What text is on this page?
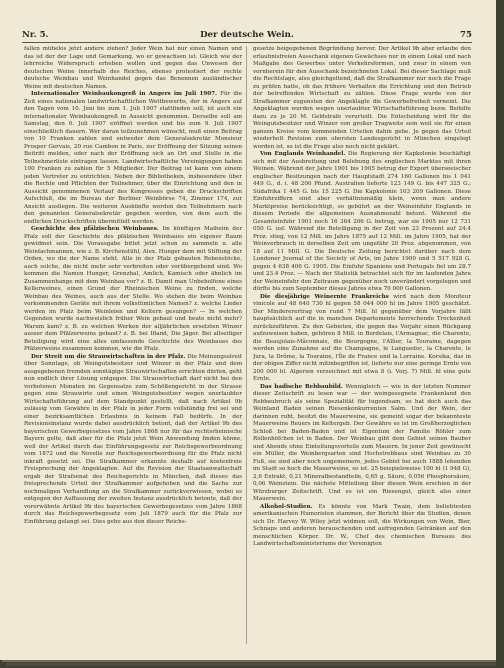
Nr. 5.	Der deutsche Wein.	75

fallen mühelos jetzt andere ziehen? Jeder Wein hat nur einen Namen und das ist der der Lage und Gemarkung, wo er gewachsen ist. Gleich wie der lehrreiche Widerspruch erheben wollen und gegen das Unwesen der deutschen Weine innerhalb des Reiches, ebenso protestiert der rechte deutsche Weinbau und Weinhandel gegen das Benennen ausländischer Weine mit deutschen Namen.

Internationaler Weinbaukongreß in Angers im Juli 1907. Für die Zeit eines nationalen landwirtschaftlichen Wettbewerbs, der in Angers auf den Tagen vom 10. Juni bis zum 1. Juli 1907 stattfinden soll, ist auch ein internationaler Weinbaukongreß in Aussicht genommen. Derselbe soll am Samstag, den 6. Juli 1907 eröffnet werden und bis zum 9. Juli 1907 einschließlich dauern. Wer daran teilzunehmen wünscht, muß einen Beitrag von 10 Franken zahlen und entweder dem Generalsekretär Monsieur Prosper Gervais, 20 rue Cambon in Paris, zur Eröffnung der Sitzung seinen Beitritt melden, oder nach der Eröffnung sich an Ort und Stelle in die Teilnehmerliste eintragen lassen. Landwirtschaftliche Vereinigungen haben 100 Franken zu zahlen für 5 Mitglieder. Der Beitrag ist kann von einem jeden Vertreter zu entrichten. Neben der Bibliotheken, insbesondere über die Rechte und Pflichten der Teilnehmer, über die Einrichtung und den in Aussicht genommenen Verlauf des Kongresses geben die Druckschriften Aufschluß, die im Bureau der Berliner Weinbörse 74, Zimmer 174, zur Ansicht ausliegen. Die weiteren Auskünfte werden den Teilnehmern nach den genannten Generalsekretär gegeben werden, von dem auch die endlichen Druckschriften übermittelt werden.

Geschichte des pfälzischen Weinbaues. Im künftigen Maiheim der Pfalz soll der Geschichte des pfälzischen Weinbaues ein eigener Raum gewidmet sein. Die Vorausgabe bittet jetzt schon zu sammeln u. alle Weinfachmannen, wie z. B. Kirchenstühl, Alex. Hunger dem mit Stiftung der Orden, wo die der Name steht. Alle in der Pfalz gebauten Rebenstöcke, auch solche, die nicht mehr sehr verbreiten oder vorübergehend sind. Wo kommen die Namen Hunger, Grenzhal, Amlich, Kamisch oder ähnlich im Zusammenhange mit dem Weinbau vor? z. B. Damit man Unbeholfene eines Kellerweines, einen Grund der Rheinischen Weine zu finden, welche Weinbau des Weines, auch aus der Stelle. Wo stehen die beim Weinbau vorkommenden Geräte mit ihrem volkstümlichen Namen? z. welche Lieder werden im Pfalz beim Weinleien und Keltern gesungen? — In welchen Gegenden wurde nachweislich früher Wein gebaut und heute nicht mehr? Warum kam? z. B. zu welchen Werken der alljährlichen ersetzten Winzer ausser dem Pfälzerweins gebaut? z. B. bei Ifland, Die Jäger. Bei allseitiger Beteiligung wird eine alles umfassende Geschichte des Weinbaues des Pfälzerweins zusammen kommen, wie die Pfalz.

Der Streit um die Strauwirtschaften in der Pfalz. Die Meinungsstreit über Sonntage, ob Weingutsbesitzer und Winzer in der Pfalz und dem ausgegebenen fremden sonntägige Strauwirtschaften errichten dürfen, geht nun endlich ihrer Lösung entgegen. Die Strauwirtschaft darf nicht bei den verbotenen Monaten im Gegensatze zum Schößengericht in der Strasse gegen eine Strauwirte und einen Weingutsbesitzer wegen unerlaubter Wirtschaftsführung auf dem Standpunkt gestellt, daß nach Artikel 9b zulässig vom Gewähre in der Pfalz in jeder Form vollständig frei sei und einer bezirksamtlichen Erlaubnis in keinem Fall bedürfe. In der Revisionsinstanz wurde dabei ausdrücklich betont, daß der Artikel 9b des bayerischen Gewerbegesetzes vom Jahre 1868 nur für das rechtsrheinische Bayern gelte, daß aber für die Pfalz jetzt Wein Anwendung finden könne, weil der Artikel durch das Einführungsgesetz zur Reichsgewerbeordnung vom 1872 und die Novelle zur Reichsgewerbeordnung für die Pfalz nicht inkraft gesetzt sei. Die Strafkammer erkannte deshalb auf kostenfreie Freisprechung der Angeklagten. Auf die Revision der Staatsanwaltschaft ergab der Strafsenat des Reichsgerichts in München, daß dieses das freisprechende Urteil der Strafkammer aufgehoben und die Sache zur nochmaligen Verhandlung an die Strafkammer zurückverwiesen, wobei es entgegen der Auffassung der zweiten Instanz ausdrücklich betonte, daß der vorerwähnte Artikel 9b des bayerischen Gewerbegesetzes vom Jahre 1868 durch das Reichsgewerbegesetz vom Juli 1879 auch für die Pfalz zur Einführung gelangt sei. Dies gehe aus den dieser Reichs-

gesetze beigegebenen Begründung hervor. Der Artikel 9b aber erlaube den erlaubnisfreien Ausschank eigenen Gewächses nur in einem Lokal und nach Maßgabe des Gewerbes unter Verkehrsformen, und zwar in einem von vornherein für den Ausschank bezeichneten Lokal. Bei dieser Sachlage muß die Rechtslage, also gleichgeltend, daß die Strafkammer nur noch die Frage zu prüfen hatte, ob das frühere Verhalten die Errichtung und den Betrieb der betreffenden Wirtschaft zu zählen. Diese Frage wurde von der Strafkammer zugunsten der Angeklagte die Gewerbefreiheit verneint. Die Angeklagten wurden wegen unerlaubter Wirtschaftsführung bezw. Beihilfe dazu zu je 20 M. Geldstrafe verurteilt. Die Entscheidung wird für die Weingutsbesitzer und Winzer von großer Tragweite sein weil sie für einen ganzen Kreise vom kommenden Urteilen dahin gehe. Je gegen das Urteil wiederholt Revision zum obersten Landesgericht in München eingelegt worden ist, so ist die Frage also noch nicht geklärt.

Von Englands Weinhandel. Die Regierung der Kapkolonie beschäftigt sich mit der Ausbreitung und Belebung des englischen Marktes mit ihren Weinen. Während der Jahre 1901 bis 1905 betrug der Export überseeischer englischer Besitzungen nach der Hauptstadt 274 160 Gallonen bis 1 041 449 G., d. i. 48 200 Pfund. Australien lieferte 123 149 G. bis 447 325 G.; Südafrika 1 445 G. bis 15 225 G. Die Kapkolonie 103 209 Gallonen. Diese Einfuhrziffern sind aber verhältnismäßig klein, wenn man andere Marktpreise berücksichtigt, so gebührt an der Weineinfuhr Englands in diesem Periode die allgemeinen Ausnahmezahl betont. Während die Gesamteinfuhr 1901 noch 16 364 206 G. betrug, war sie 1905 nur 12 731 050 G. usf. Während die Beteiligung in der Zeit von 23 Prozent auf 24.4 Proz. stieg, von 12 Mill. im Jahre 1875 auf 12 Mill. im Jahre 1905, hat der Weinverbrauch in derselben Zeit um ungefähr 20 Proz. abgenommen, von 18 auf 11 Mill. G. Die Deutsche Zeitung berichtet darüber nach dem Londoner Journal of the Society of Arts, im Jahre 1900 und 5 517 928 G. gegen 4 638 406 G. 1905. Die Einfuhr Spaniens und Portugals fiel um 28.7 und 23.4 Proz. — Nach der Statistik betrachtet sich für im laufenden Jahre der Weineinfuhr den Zeitraum gegenüber noch unverändert vorgelegen und dürfte bis zum September dieses Jahres etwa 70 000 Gallonen.

Die diesjährige Weinernte Frankreichs wird nach dem Moniteur vinicole auf 48 640 730 hl gegen 58 044 000 hl im Jahre 1905 geschätzt. Der Mindererertrag von rund 7 Mill. hl gegenüber dem Vorjahre fällt hauptsächlich auf die in manchen Departements herrschende Trockenheit zurückzuführen. Zu den Gebieten, die gegen das Vorjahr einen Rückgang aufzuweisen haben, gehören 8 Mill. in Bordelais, l'Armagnac, die Charente, die Beaujolais-Mâconnais, die Bourgogne, l'Allier, la Touraine, dagegen werden eine Zunahme auf die Champagne, le Languedoc, la Charente, le Jura, la Drôme, la Touraine, l'Île de France und la Lorraine. Korsika, das in der obigen Ziffer nicht mitinbegriffen ist, lieferte nur eine geringe Ernte von 200 000 hl. Algerien verzeichnet mit etwa 8 (i. Vorj. 7) Mill. hl eine gute Ernte.

Das badische Rebbaubild. Wennigleich — wie in der letzten Nummer dieser Zeitschrift zu lesen war — der weingesegnete Frankenland den Rebbaubruch als seine Spezialität für tugendsam, so hat doch auch das Weinland Baden seinen Riesenkonkurrenten Salm. Und der Wein, der darinnen ruht, besitzt die Mauerweine, sie gemeint sogar der bekannteste Mauerweine Reuers im Keltergeb. Der Gewähre es ist im Großherzoglichen Schloß bei Baden-Baden und ist Eigentum der Familie Röhler zum Rollenhöfchen ist in Baden. Der Weinbau gibt dem Gebiet seinen Bauber und Abends ohne Einteilungsvorteile zum Mauern. In jener Zeit gewünscht ein Müller, die Weinbergsarten sind Hochstrebbaus sind Weinbau zu 30 Fuß, sie sind aber noch ungemeinere, jedes Gebiet bei auch 1888 lebenden im Stadt so hoch die Mauerweine, so ist. 25 beispielsweise 100 hl (1 948 G), 2,6 Extrakt, 0,21 Mineralbestandteile, 0,65 g. Säure, 0,056 Phosphorsäure, 0,06 Weinstein. Die nächste Mitteilung über diesen Wein erschien in der Würzburger Zeitschrift. Und es ist ein Riesengut, gleich also einer Mauerwein.

Alkohol-Studien. Es könnte von Mark Twain, dem beliebtesten amerikanischen Humoristen stammen, der Bericht über die Studien, denen sich Dr. Harvey W. Wiley jetzt widmen soll, die Wirkungen von Wein, Bier, Schnaps und anderen berauschenden und aufregenden Getränken auf den menschlichen Körper. Dr. W., Chef des chemischen Bureaus des Landwirtschaftsministeriums der Vereinigten
